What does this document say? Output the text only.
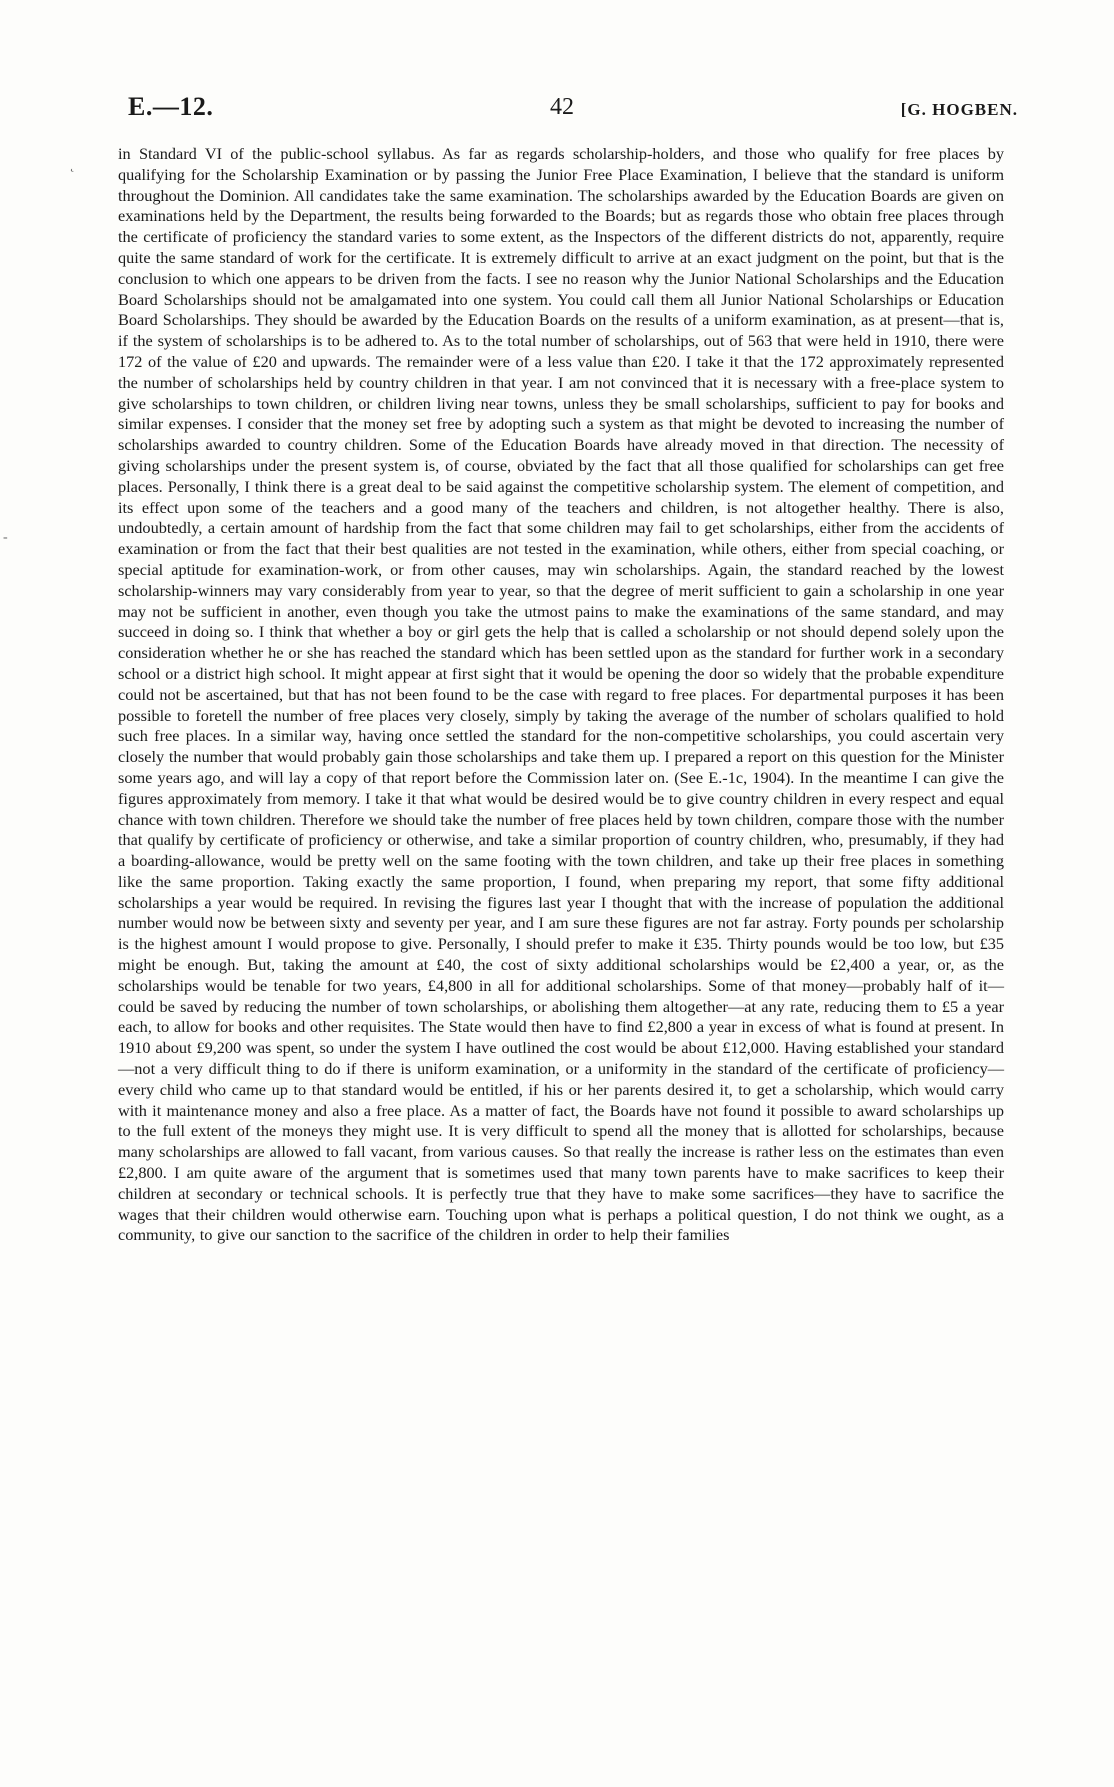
E.—12.	42	[G. HOGBEN.
˛
-
in Standard VI of the public-school syllabus. As far as regards scholarship-holders, and those who qualify for free places by qualifying for the Scholarship Examination or by passing the Junior Free Place Examination, I believe that the standard is uniform throughout the Dominion. All candidates take the same examination. The scholarships awarded by the Education Boards are given on examinations held by the Department, the results being forwarded to the Boards; but as regards those who obtain free places through the certificate of proficiency the standard varies to some extent, as the Inspectors of the different districts do not, apparently, require quite the same standard of work for the certificate. It is extremely difficult to arrive at an exact judgment on the point, but that is the conclusion to which one appears to be driven from the facts. I see no reason why the Junior National Scholarships and the Education Board Scholarships should not be amalgamated into one system. You could call them all Junior National Scholarships or Education Board Scholarships. They should be awarded by the Education Boards on the results of a uniform examination, as at present—that is, if the system of scholarships is to be adhered to. As to the total number of scholarships, out of 563 that were held in 1910, there were 172 of the value of £20 and upwards. The remainder were of a less value than £20. I take it that the 172 approximately represented the number of scholarships held by country children in that year. I am not convinced that it is necessary with a free-place system to give scholarships to town children, or children living near towns, unless they be small scholarships, sufficient to pay for books and similar expenses. I consider that the money set free by adopting such a system as that might be devoted to increasing the number of scholarships awarded to country children. Some of the Education Boards have already moved in that direction. The necessity of giving scholarships under the present system is, of course, obviated by the fact that all those qualified for scholarships can get free places. Personally, I think there is a great deal to be said against the competitive scholarship system. The element of competition, and its effect upon some of the teachers and a good many of the teachers and children, is not altogether healthy. There is also, undoubtedly, a certain amount of hardship from the fact that some children may fail to get scholarships, either from the accidents of examination or from the fact that their best qualities are not tested in the examination, while others, either from special coaching, or special aptitude for examination-work, or from other causes, may win scholarships. Again, the standard reached by the lowest scholarship-winners may vary considerably from year to year, so that the degree of merit sufficient to gain a scholarship in one year may not be sufficient in another, even though you take the utmost pains to make the examinations of the same standard, and may succeed in doing so. I think that whether a boy or girl gets the help that is called a scholarship or not should depend solely upon the consideration whether he or she has reached the standard which has been settled upon as the standard for further work in a secondary school or a district high school. It might appear at first sight that it would be opening the door so widely that the probable expenditure could not be ascertained, but that has not been found to be the case with regard to free places. For departmental purposes it has been possible to foretell the number of free places very closely, simply by taking the average of the number of scholars qualified to hold such free places. In a similar way, having once settled the standard for the non-competitive scholarships, you could ascertain very closely the number that would probably gain those scholarships and take them up. I prepared a report on this question for the Minister some years ago, and will lay a copy of that report before the Commission later on. (See E.-1c, 1904). In the meantime I can give the figures approximately from memory. I take it that what would be desired would be to give country children in every respect and equal chance with town children. Therefore we should take the number of free places held by town children, compare those with the number that qualify by certificate of proficiency or otherwise, and take a similar proportion of country children, who, presumably, if they had a boarding-allowance, would be pretty well on the same footing with the town children, and take up their free places in something like the same proportion. Taking exactly the same proportion, I found, when preparing my report, that some fifty additional scholarships a year would be required. In revising the figures last year I thought that with the increase of population the additional number would now be between sixty and seventy per year, and I am sure these figures are not far astray. Forty pounds per scholarship is the highest amount I would propose to give. Personally, I should prefer to make it £35. Thirty pounds would be too low, but £35 might be enough. But, taking the amount at £40, the cost of sixty additional scholarships would be £2,400 a year, or, as the scholarships would be tenable for two years, £4,800 in all for additional scholarships. Some of that money—probably half of it—could be saved by reducing the number of town scholarships, or abolishing them altogether—at any rate, reducing them to £5 a year each, to allow for books and other requisites. The State would then have to find £2,800 a year in excess of what is found at present. In 1910 about £9,200 was spent, so under the system I have outlined the cost would be about £12,000. Having established your standard—not a very difficult thing to do if there is uniform examination, or a uniformity in the standard of the certificate of proficiency—every child who came up to that standard would be entitled, if his or her parents desired it, to get a scholarship, which would carry with it maintenance money and also a free place. As a matter of fact, the Boards have not found it possible to award scholarships up to the full extent of the moneys they might use. It is very difficult to spend all the money that is allotted for scholarships, because many scholarships are allowed to fall vacant, from various causes. So that really the increase is rather less on the estimates than even £2,800. I am quite aware of the argument that is sometimes used that many town parents have to make sacrifices to keep their children at secondary or technical schools. It is perfectly true that they have to make some sacrifices—they have to sacrifice the wages that their children would otherwise earn. Touching upon what is perhaps a political question, I do not think we ought, as a community, to give our sanction to the sacrifice of the children in order to help their families
